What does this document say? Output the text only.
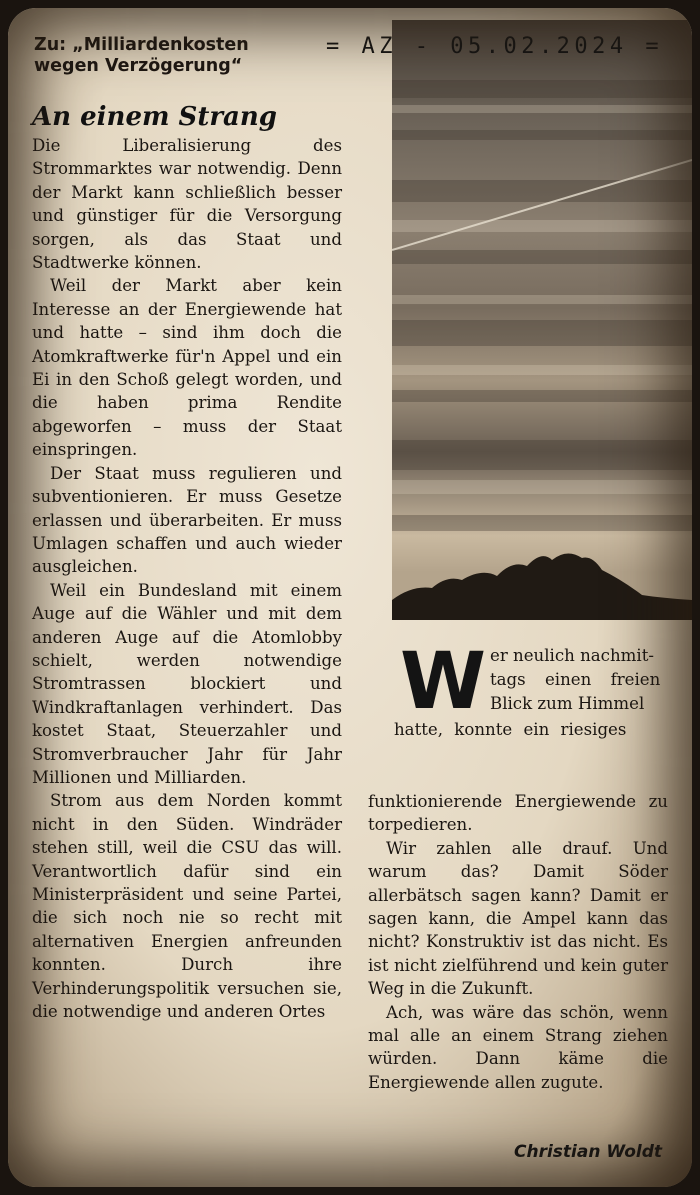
Zu: „Milliardenkosten
wegen Verzögerung“
= AZ - 05.02.2024 =
An einem Strang

Die Liberalisierung des Strommarktes war notwendig. Denn der Markt kann schließlich besser und günstiger für die Versorgung sorgen, als das Staat und Stadtwerke können.

Weil der Markt aber kein Interesse an der Energiewende hat und hatte – sind ihm doch die Atomkraftwerke für'n Appel und ein Ei in den Schoß gelegt worden, und die haben prima Rendite abgeworfen – muss der Staat einspringen.

Der Staat muss regulieren und subventionieren. Er muss Gesetze erlassen und überarbeiten. Er muss Umlagen schaffen und auch wieder ausgleichen.

Weil ein Bundesland mit einem Auge auf die Wähler und mit dem anderen Auge auf die Atomlobby schielt, werden notwendige Stromtrassen blockiert und Windkraftanlagen verhindert. Das kostet Staat, Steuerzahler und Stromverbraucher Jahr für Jahr Millionen und Milliarden.

Strom aus dem Norden kommt nicht in den Süden. Windräder stehen still, weil die CSU das will. Verantwortlich dafür sind ein Ministerpräsident und seine Partei, die sich noch nie so recht mit alternativen Energien anfreunden konnten. Durch ihre Verhinderungspolitik versuchen sie, die notwendige und anderen Ortes

W er neulich nachmit-
tags einen freien
Blick zum Himmel
hatte, konnte ein riesiges

funktionierende Energiewende zu torpedieren.

Wir zahlen alle drauf. Und warum das? Damit Söder allerbätsch sagen kann? Damit er sagen kann, die Ampel kann das nicht? Konstruktiv ist das nicht. Es ist nicht zielführend und kein guter Weg in die Zukunft.

Ach, was wäre das schön, wenn mal alle an einem Strang ziehen würden. Dann käme die Energiewende allen zugute.

Christian Woldt
